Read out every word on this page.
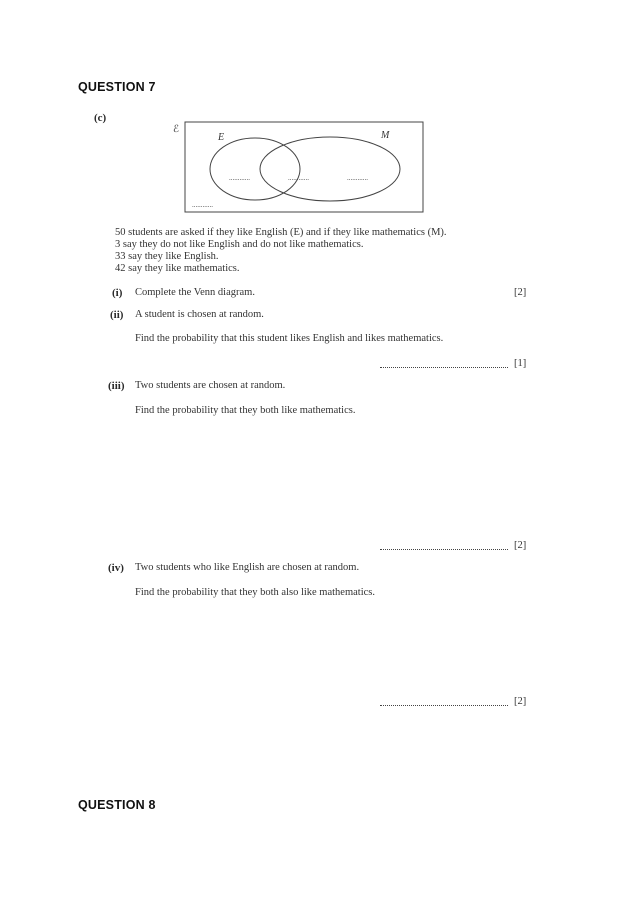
QUESTION 7
(c)
ℰ
E	M
............	............	............
............
50 students are asked if they like English (E) and if they like mathematics (M).
3 say they do not like English and do not like mathematics.
33 say they like English.
42 say they like mathematics.
(i) Complete the Venn diagram.	[2]
(ii) A student is chosen at random.
Find the probability that this student likes English and likes mathematics.
[1]
(iii) Two students are chosen at random.
Find the probability that they both like mathematics.
[2]
(iv) Two students who like English are chosen at random.
Find the probability that they both also like mathematics.
[2]
QUESTION 8
